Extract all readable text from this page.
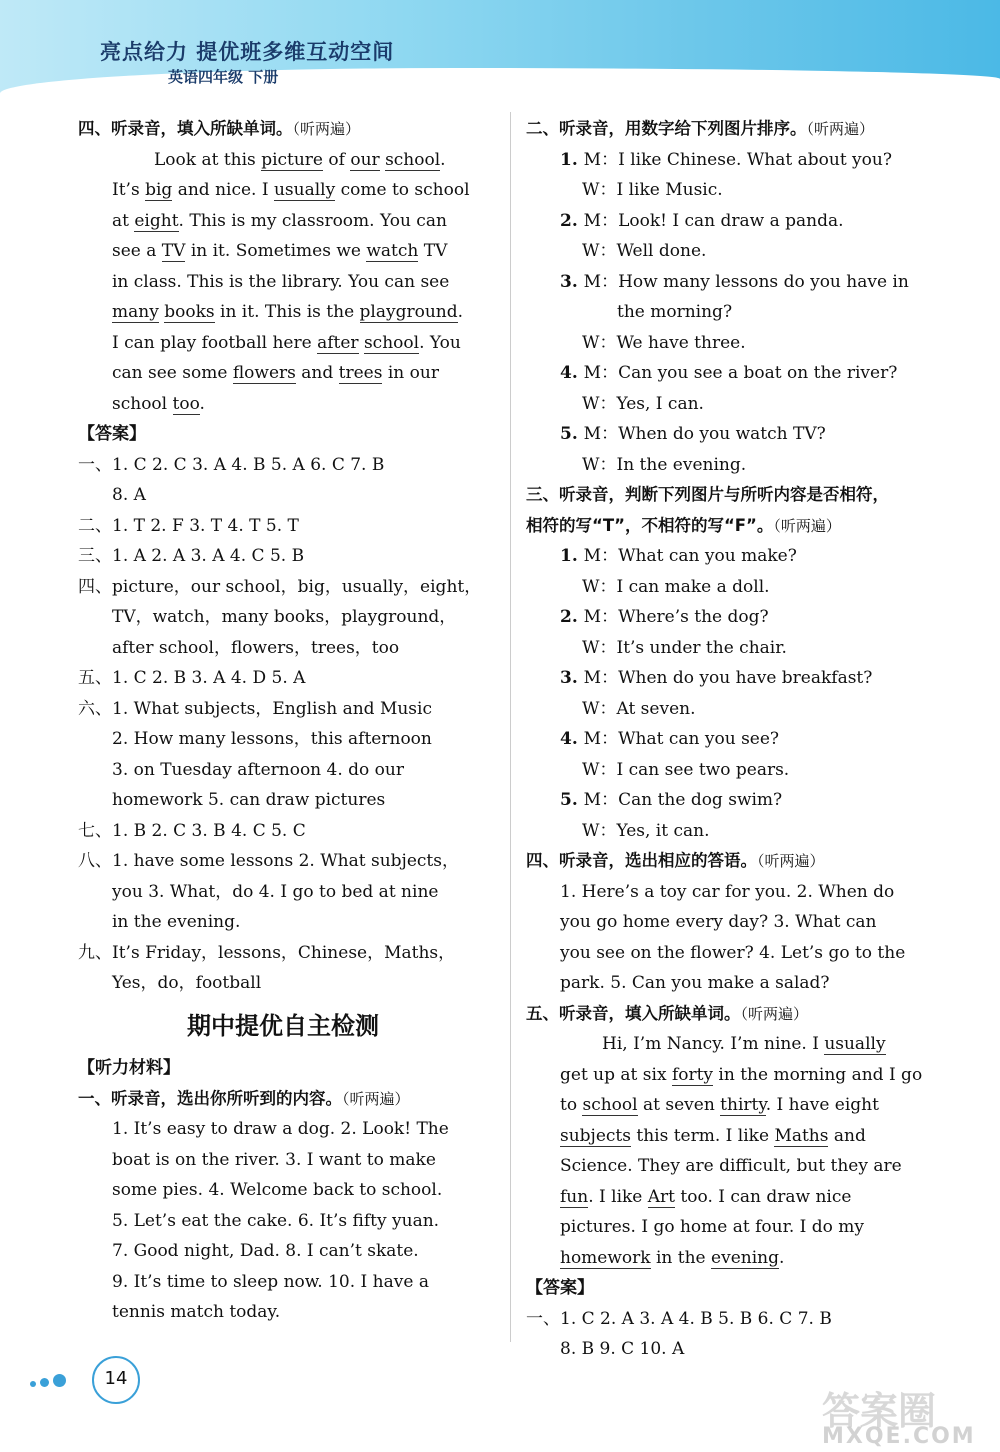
亮点给力 提优班多维互动空间
英语四年级 下册
四、听录音，填入所缺单词。（听两遍）
Look at this picture of our school.
It’s big and nice. I usually come to school
at eight. This is my classroom. You can
see a TV in it. Sometimes we watch TV
in class. This is the library. You can see
many books in it. This is the playground.
I can play football here after school. You
can see some flowers and trees in our
school too.
【答案】
一、1. C 2. C 3. A 4. B 5. A 6. C 7. B
8. A
二、1. T 2. F 3. T 4. T 5. T
三、1. A 2. A 3. A 4. C 5. B
四、picture，our school，big，usually，eight，
TV，watch，many books，playground，
after school，flowers，trees，too
五、1. C 2. B 3. A 4. D 5. A
六、1. What subjects，English and Music
2. How many lessons，this afternoon
3. on Tuesday afternoon 4. do our
homework 5. can draw pictures
七、1. B 2. C 3. B 4. C 5. C
八、1. have some lessons 2. What subjects，
you 3. What，do 4. I go to bed at nine
in the evening.
九、It’s Friday，lessons，Chinese，Maths，
Yes，do，football
期中提优自主检测
【听力材料】
一、听录音，选出你所听到的内容。（听两遍）
1. It’s easy to draw a dog. 2. Look! The
boat is on the river. 3. I want to make
some pies. 4. Welcome back to school.
5. Let’s eat the cake. 6. It’s fifty yuan.
7. Good night, Dad. 8. I can’t skate.
9. It’s time to sleep now. 10. I have a
tennis match today.
二、听录音，用数字给下列图片排序。（听两遍）
1. M：I like Chinese. What about you?
W：I like Music.
2. M：Look! I can draw a panda.
W：Well done.
3. M：How many lessons do you have in
the morning?
W：We have three.
4. M：Can you see a boat on the river?
W：Yes, I can.
5. M：When do you watch TV?
W：In the evening.
三、听录音，判断下列图片与所听内容是否相符，
相符的写“T”，不相符的写“F”。（听两遍）
1. M：What can you make?
W：I can make a doll.
2. M：Where’s the dog?
W：It’s under the chair.
3. M：When do you have breakfast?
W：At seven.
4. M：What can you see?
W：I can see two pears.
5. M：Can the dog swim?
W：Yes, it can.
四、听录音，选出相应的答语。（听两遍）
1. Here’s a toy car for you. 2. When do
you go home every day? 3. What can
you see on the flower? 4. Let’s go to the
park. 5. Can you make a salad?
五、听录音，填入所缺单词。（听两遍）
Hi, I’m Nancy. I’m nine. I usually
get up at six forty in the morning and I go
to school at seven thirty. I have eight
subjects this term. I like Maths and
Science. They are difficult, but they are
fun. I like Art too. I can draw nice
pictures. I go home at four. I do my
homework in the evening.
【答案】
一、1. C 2. A 3. A 4. B 5. B 6. C 7. B
8. B 9. C 10. A
14
答案圈
MXQE.COM
